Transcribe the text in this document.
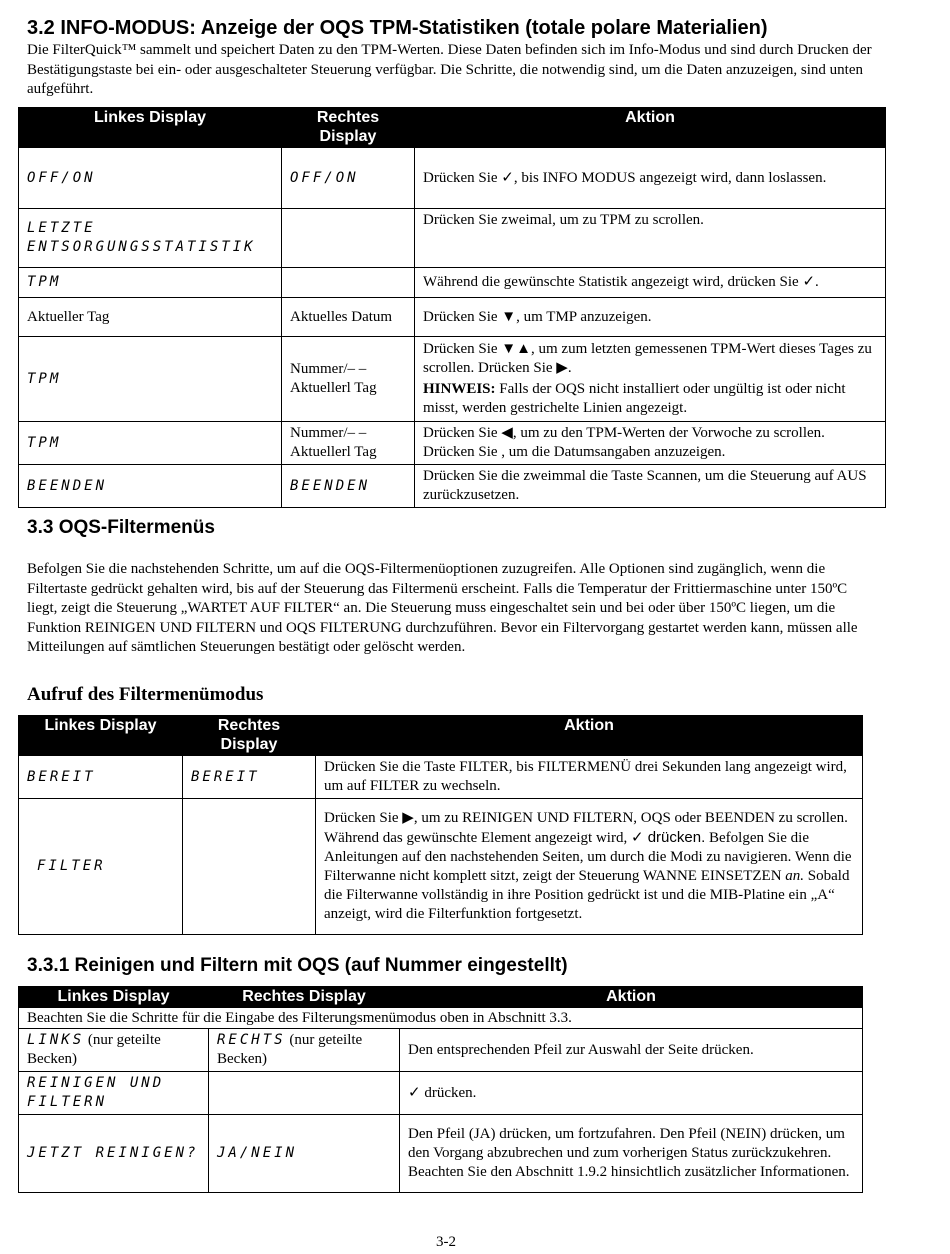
3.2 INFO-MODUS: Anzeige der OQS TPM-Statistiken (totale polare Materialien)
Die FilterQuick™ sammelt und speichert Daten zu den TPM-Werten. Diese Daten befinden sich im Info-Modus und sind durch Drucken der Bestätigungstaste bei ein- oder ausgeschalteter Steuerung verfügbar. Die Schritte, die notwendig sind, um die Daten anzuzeigen, sind unten aufgeführt.
Linkes Display	Rechtes Display	Aktion
OFF/ON	OFF/ON	Drücken Sie ✓, bis INFO MODUS angezeigt wird, dann loslassen.
LETZTE ENTSORGUNGSSTATISTIK		Drücken Sie zweimal, um zu TPM zu scrollen.
TPM		Während die gewünschte Statistik angezeigt wird, drücken Sie ✓.
Aktueller Tag	Aktuelles Datum	Drücken Sie ▼, um TMP anzuzeigen.
TPM	Nummer/– – Aktuellerl Tag	Drücken Sie ▼▲, um zum letzten gemessenen TPM-Wert dieses Tages zu scrollen. Drücken Sie ▶.
HINWEIS: Falls der OQS nicht installiert oder ungültig ist oder nicht misst, werden gestrichelte Linien angezeigt.
TPM	Nummer/– – Aktuellerl Tag	Drücken Sie ◀, um zu den TPM-Werten der Vorwoche zu scrollen. Drücken Sie , um die Datumsangaben anzuzeigen.
BEENDEN	BEENDEN	Drücken Sie die zweimmal die Taste Scannen, um die Steuerung auf AUS zurückzusetzen.
3.3 OQS-Filtermenüs
Befolgen Sie die nachstehenden Schritte, um auf die OQS-Filtermenüoptionen zuzugreifen. Alle Optionen sind zugänglich, wenn die Filtertaste gedrückt gehalten wird, bis auf der Steuerung das Filtermenü erscheint. Falls die Temperatur der Frittiermaschine unter 150ºC liegt, zeigt die Steuerung „WARTET AUF FILTER“ an. Die Steuerung muss eingeschaltet sein und bei oder über 150ºC liegen, um die Funktion REINIGEN UND FILTERN und OQS FILTERUNG durchzuführen. Bevor ein Filtervorgang gestartet werden kann, müssen alle Mitteilungen auf sämtlichen Steuerungen bestätigt oder gelöscht werden.
Aufruf des Filtermenümodus
Linkes Display	Rechtes Display	Aktion
BEREIT	BEREIT	Drücken Sie die Taste FILTER, bis FILTERMENÜ drei Sekunden lang angezeigt wird, um auf FILTER zu wechseln.
FILTER		Drücken Sie ▶, um zu REINIGEN UND FILTERN, OQS oder BEENDEN zu scrollen. Während das gewünschte Element angezeigt wird, ✓ drücken. Befolgen Sie die Anleitungen auf den nachstehenden Seiten, um durch die Modi zu navigieren. Wenn die Filterwanne nicht komplett sitzt, zeigt der Steuerung WANNE EINSETZEN an. Sobald die Filterwanne vollständig in ihre Position gedrückt ist und die MIB-Platine ein „A“ anzeigt, wird die Filterfunktion fortgesetzt.
3.3.1 Reinigen und Filtern mit OQS (auf Nummer eingestellt)
Linkes Display	Rechtes Display	Aktion
Beachten Sie die Schritte für die Eingabe des Filterungsmenümodus oben in Abschnitt 3.3.		
LINKS (nur geteilte Becken)	RECHTS (nur geteilte Becken)	Den entsprechenden Pfeil zur Auswahl der Seite drücken.
REINIGEN UND FILTERN		✓ drücken.
JETZT REINIGEN?	JA/NEIN	Den Pfeil (JA) drücken, um fortzufahren. Den Pfeil (NEIN) drücken, um den Vorgang abzubrechen und zum vorherigen Status zurückzukehren. Beachten Sie den Abschnitt 1.9.2 hinsichtlich zusätzlicher Informationen.
3-2
